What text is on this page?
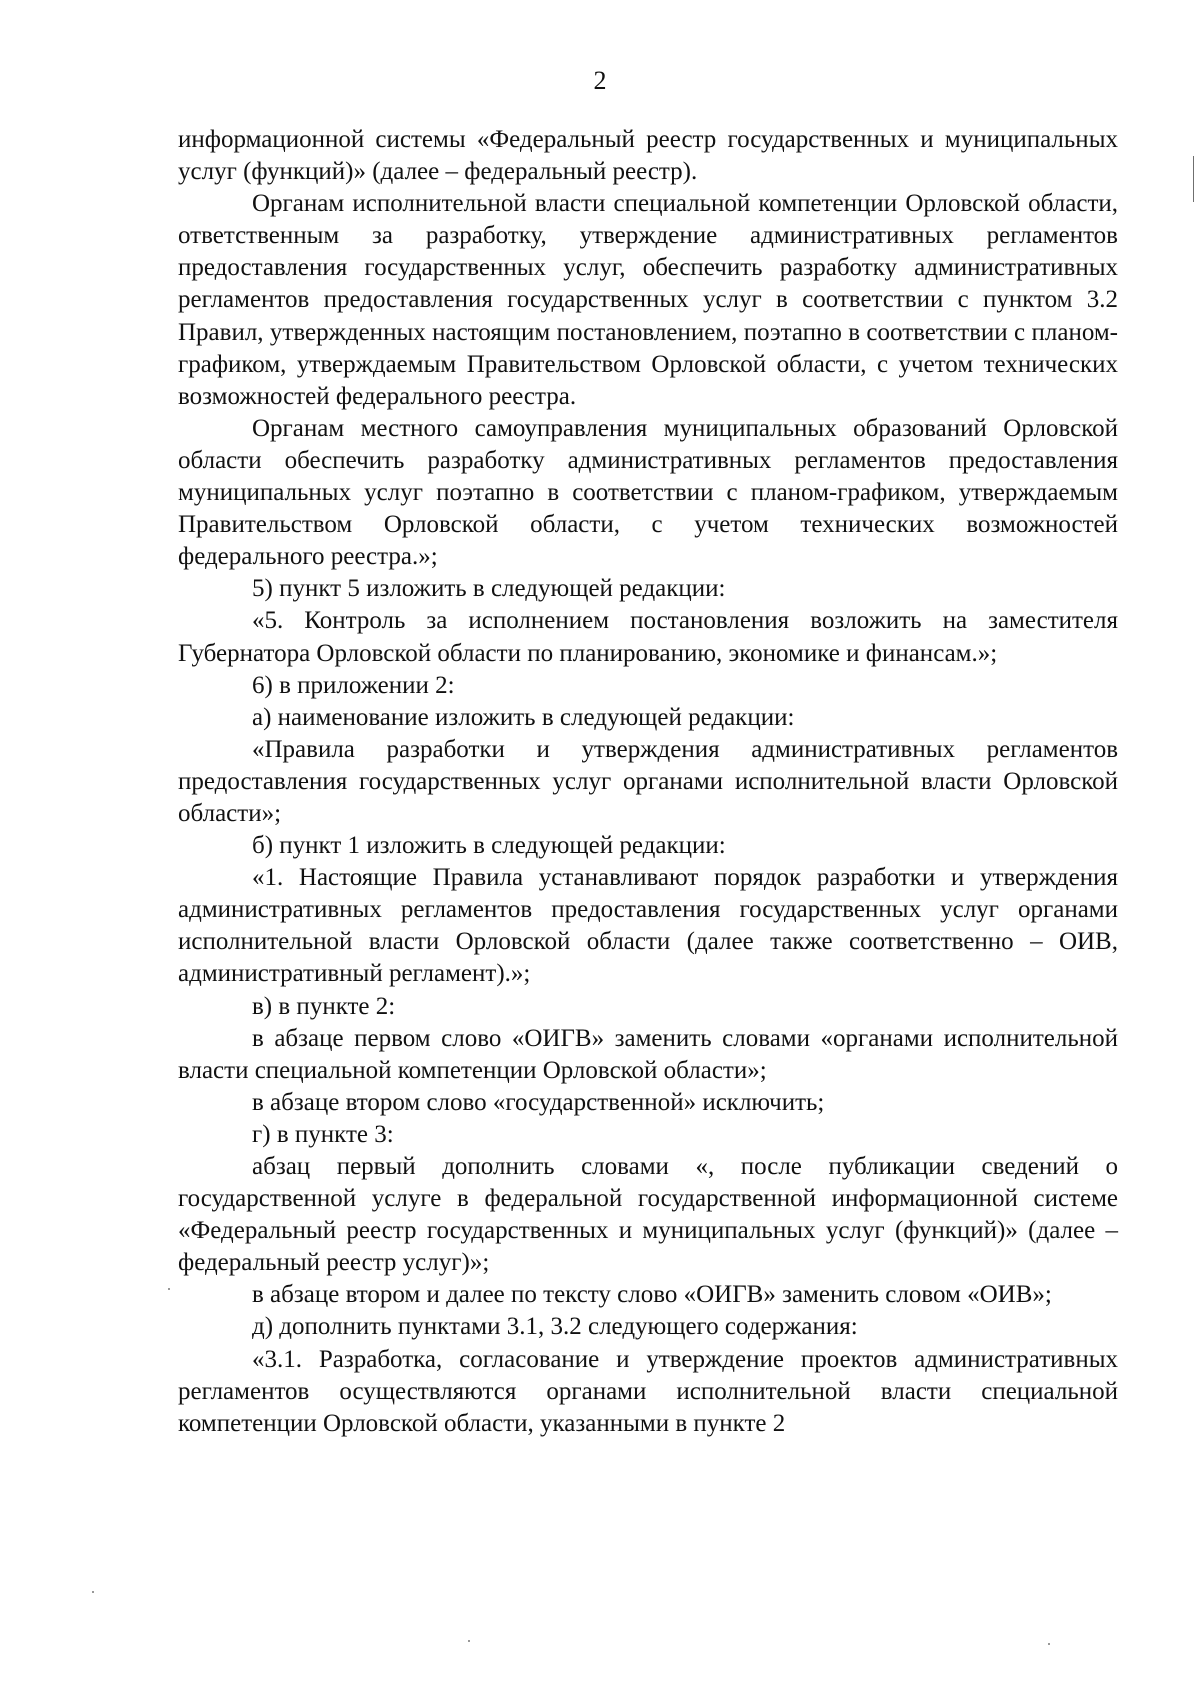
2

информационной системы «Федеральный реестр государственных и муниципальных услуг (функций)» (далее – федеральный реестр).

Органам исполнительной власти специальной компетенции Орловской области, ответственным за разработку, утверждение административных регламентов предоставления государственных услуг, обеспечить разработку административных регламентов предоставления государственных услуг в соответствии с пунктом 3.2 Правил, утвержденных настоящим постановлением, поэтапно в соответствии с планом-графиком, утверждаемым Правительством Орловской области, с учетом технических возможностей федерального реестра.

Органам местного самоуправления муниципальных образований Орловской области обеспечить разработку административных регламентов предоставления муниципальных услуг поэтапно в соответствии с планом-графиком, утверждаемым Правительством Орловской области, с учетом технических возможностей федерального реестра.»;

5) пункт 5 изложить в следующей редакции:

«5. Контроль за исполнением постановления возложить на заместителя Губернатора Орловской области по планированию, экономике и финансам.»;

6) в приложении 2:

а) наименование изложить в следующей редакции:

«Правила разработки и утверждения административных регламентов предоставления государственных услуг органами исполнительной власти Орловской области»;

б) пункт 1 изложить в следующей редакции:

«1. Настоящие Правила устанавливают порядок разработки и утверждения административных регламентов предоставления государственных услуг органами исполнительной власти Орловской области (далее также соответственно – ОИВ, административный регламент).»;

в) в пункте 2:

в абзаце первом слово «ОИГВ» заменить словами «органами исполнительной власти специальной компетенции Орловской области»;

в абзаце втором слово «государственной» исключить;

г) в пункте 3:

абзац первый дополнить словами «, после публикации сведений о государственной услуге в федеральной государственной информационной системе «Федеральный реестр государственных и муниципальных услуг (функций)» (далее – федеральный реестр услуг)»;

в абзаце втором и далее по тексту слово «ОИГВ» заменить словом «ОИВ»;

д) дополнить пунктами 3.1, 3.2 следующего содержания:

«3.1. Разработка, согласование и утверждение проектов административных регламентов осуществляются органами исполнительной власти специальной компетенции Орловской области, указанными в пункте 2
